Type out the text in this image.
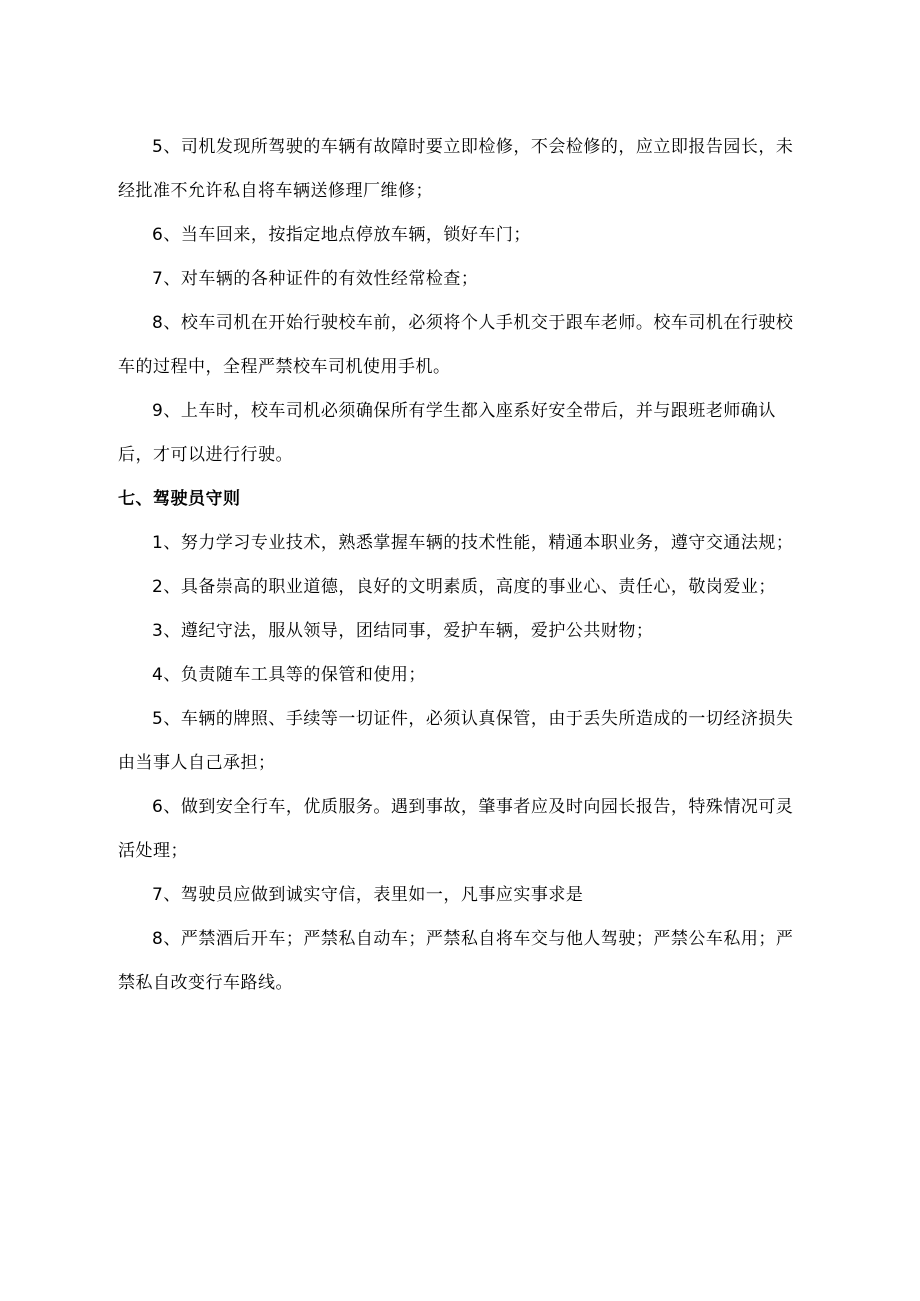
5、司机发现所驾驶的车辆有故障时要立即检修，不会检修的，应立即报告园长，未经批准不允许私自将车辆送修理厂维修；

6、当车回来，按指定地点停放车辆，锁好车门；

7、对车辆的各种证件的有效性经常检查；

8、校车司机在开始行驶校车前，必须将个人手机交于跟车老师。校车司机在行驶校车的过程中，全程严禁校车司机使用手机。

9、上车时，校车司机必须确保所有学生都入座系好安全带后，并与跟班老师确认后，才可以进行行驶。

七、驾驶员守则

1、努力学习专业技术，熟悉掌握车辆的技术性能，精通本职业务，遵守交通法规；

2、具备崇高的职业道德，良好的文明素质，高度的事业心、责任心，敬岗爱业；

3、遵纪守法，服从领导，团结同事，爱护车辆，爱护公共财物；

4、负责随车工具等的保管和使用；

5、车辆的牌照、手续等一切证件，必须认真保管，由于丢失所造成的一切经济损失由当事人自己承担；

6、做到安全行车，优质服务。遇到事故，肇事者应及时向园长报告，特殊情况可灵活处理；

7、驾驶员应做到诚实守信，表里如一，凡事应实事求是

8、严禁酒后开车；严禁私自动车；严禁私自将车交与他人驾驶；严禁公车私用；严禁私自改变行车路线。
